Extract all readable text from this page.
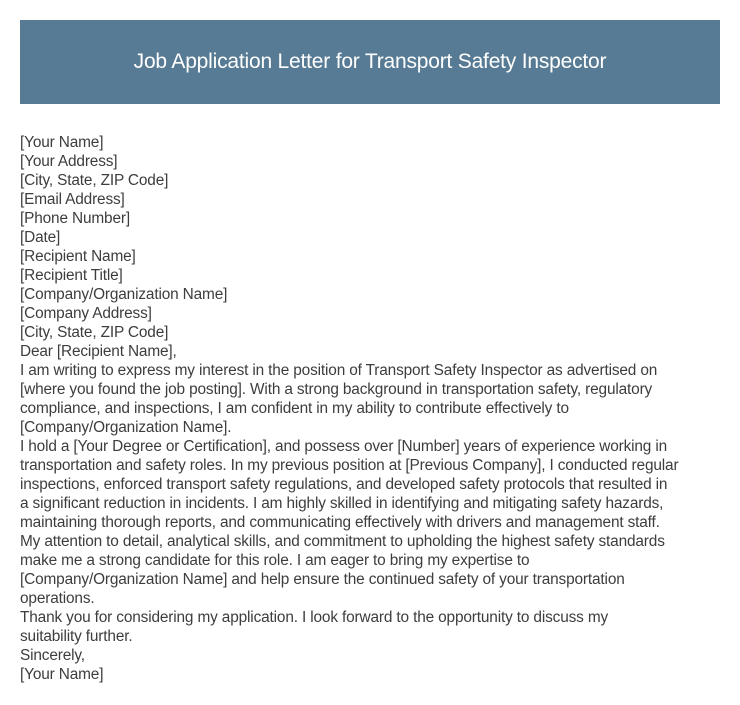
Job Application Letter for Transport Safety Inspector
[Your Name]
[Your Address]
[City, State, ZIP Code]
[Email Address]
[Phone Number]
[Date]
[Recipient Name]
[Recipient Title]
[Company/Organization Name]
[Company Address]
[City, State, ZIP Code]
Dear [Recipient Name],
I am writing to express my interest in the position of Transport Safety Inspector as advertised on
[where you found the job posting]. With a strong background in transportation safety, regulatory
compliance, and inspections, I am confident in my ability to contribute effectively to
[Company/Organization Name].
I hold a [Your Degree or Certification], and possess over [Number] years of experience working in
transportation and safety roles. In my previous position at [Previous Company], I conducted regular
inspections, enforced transport safety regulations, and developed safety protocols that resulted in
a significant reduction in incidents. I am highly skilled in identifying and mitigating safety hazards,
maintaining thorough reports, and communicating effectively with drivers and management staff.
My attention to detail, analytical skills, and commitment to upholding the highest safety standards
make me a strong candidate for this role. I am eager to bring my expertise to
[Company/Organization Name] and help ensure the continued safety of your transportation
operations.
Thank you for considering my application. I look forward to the opportunity to discuss my
suitability further.
Sincerely,
[Your Name]
